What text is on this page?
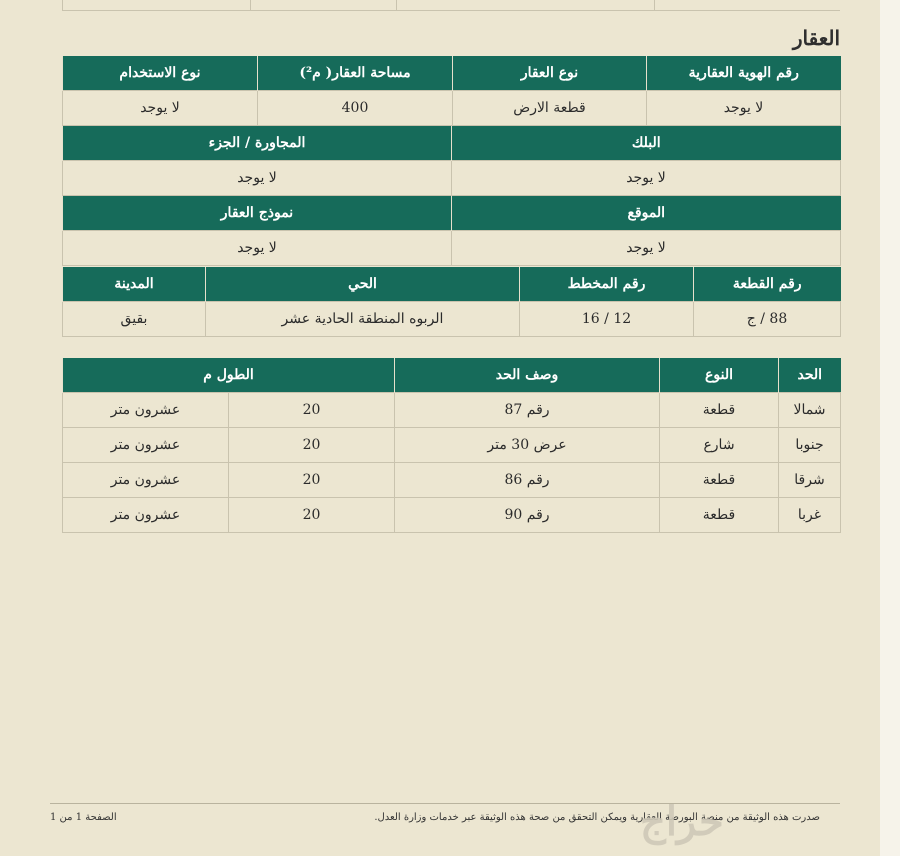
العقار
رقم الهوية العقارية	نوع العقار	مساحة العقار( م²)	نوع الاستخدام
لا يوجد	قطعة الارض	400	لا يوجد
البلك	المجاورة / الجزء
لا يوجد	لا يوجد
الموقع	نموذج العقار
لا يوجد	لا يوجد
رقم القطعة	رقم المخطط	الحي	المدينة
88 / ج	12 / 16	الربوه المنطقة الحادية عشر	بقيق
الحد	النوع	وصف الحد	الطول م	
شمالا	قطعة	رقم 87	20	عشرون متر
جنوبا	شارع	عرض 30 متر	20	عشرون متر
شرقا	قطعة	رقم 86	20	عشرون متر
غربا	قطعة	رقم 90	20	عشرون متر
صدرت هذه الوثيقة من منصة البورصة العقارية ويمكن التحقق من صحة هذه الوثيقة عبر خدمات وزارة العدل.
الصفحة 1 من 1	حراج
